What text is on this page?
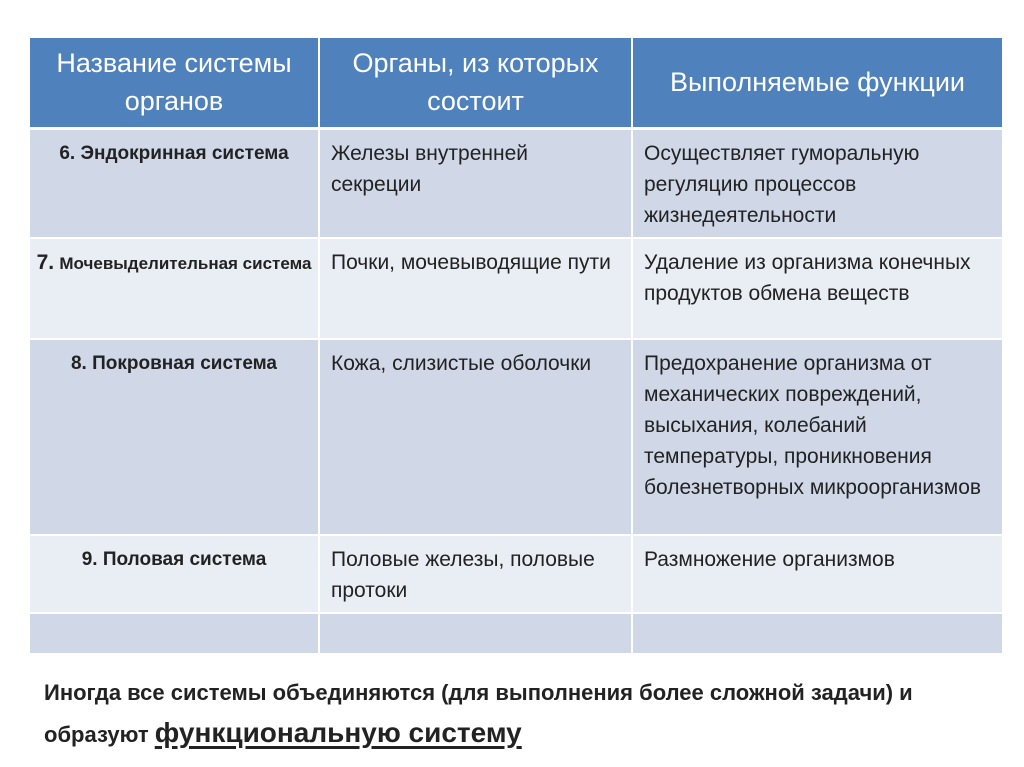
Название системы органов	Органы, из которых состоит	Выполняемые функции
6. Эндокринная система	Железы внутренней секреции	Осуществляет гуморальную регуляцию процессов жизнедеятельности
7. Мочевыделительная система	Почки, мочевыводящие пути	Удаление из организма конечных продуктов обмена веществ
8. Покровная система	Кожа, слизистые оболочки	Предохранение организма от механических повреждений, высыхания, колебаний температуры, проникновения болезнетворных микроорганизмов
9. Половая система	Половые железы, половые протоки	Размножение организмов

Иногда все системы объединяются (для выполнения более сложной задачи) и образуют функциональную систему
